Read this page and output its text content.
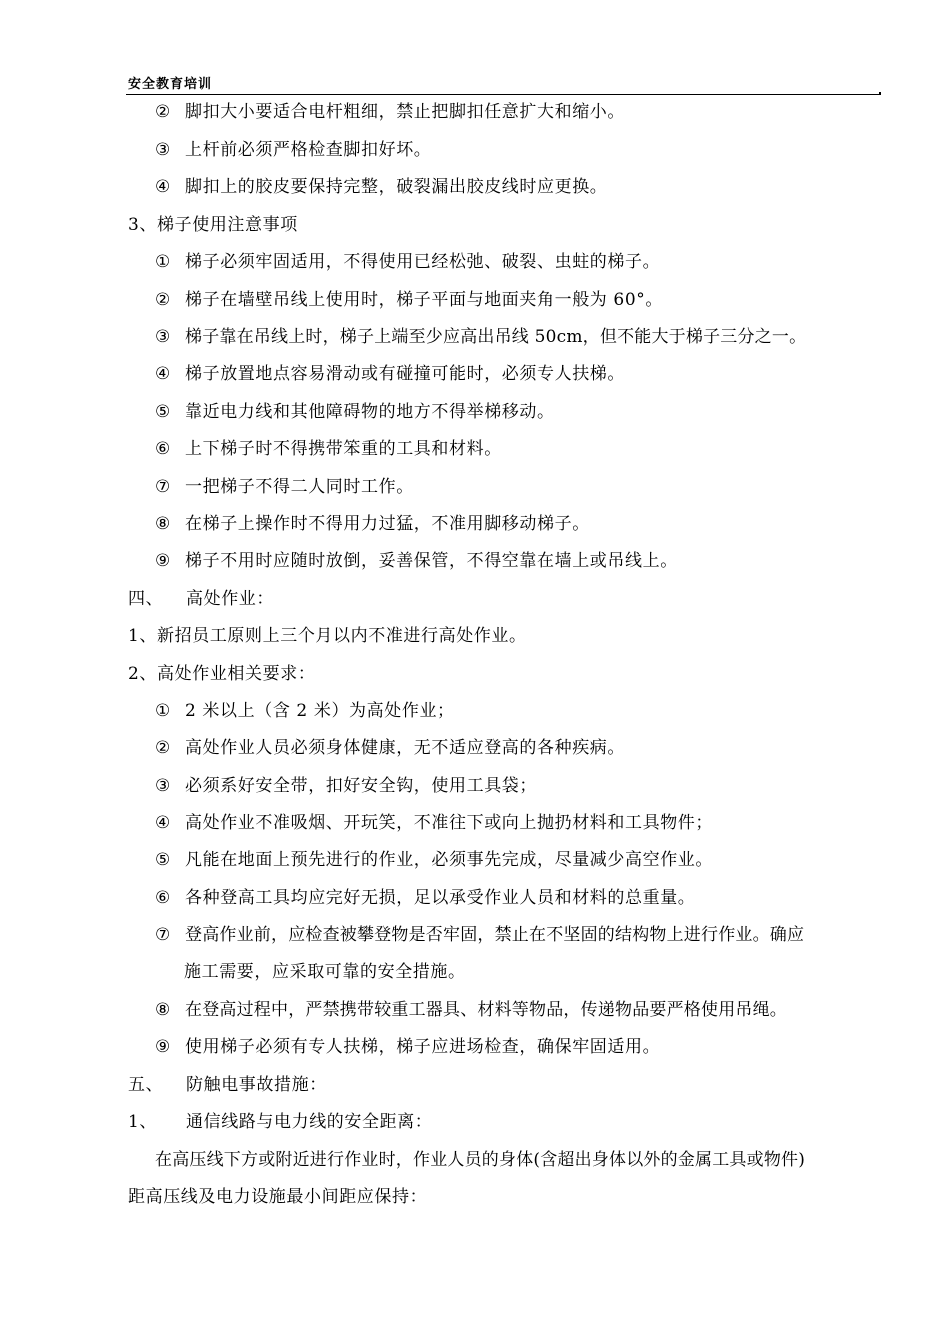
安全教育培训
② 脚扣大小要适合电杆粗细，禁止把脚扣任意扩大和缩小。
③ 上杆前必须严格检查脚扣好坏。
④ 脚扣上的胶皮要保持完整，破裂漏出胶皮线时应更换。
3、梯子使用注意事项
① 梯子必须牢固适用，不得使用已经松弛、破裂、虫蛀的梯子。
② 梯子在墙壁吊线上使用时，梯子平面与地面夹角一般为 60°。
③ 梯子靠在吊线上时，梯子上端至少应高出吊线 50cm，但不能大于梯子三分之一。
④ 梯子放置地点容易滑动或有碰撞可能时，必须专人扶梯。
⑤ 靠近电力线和其他障碍物的地方不得举梯移动。
⑥ 上下梯子时不得携带笨重的工具和材料。
⑦ 一把梯子不得二人同时工作。
⑧ 在梯子上操作时不得用力过猛，不准用脚移动梯子。
⑨ 梯子不用时应随时放倒，妥善保管，不得空靠在墙上或吊线上。
四、 高处作业：
1、新招员工原则上三个月以内不准进行高处作业。
2、高处作业相关要求：
① 2 米以上（含 2 米）为高处作业；
② 高处作业人员必须身体健康，无不适应登高的各种疾病。
③ 必须系好安全带，扣好安全钩，使用工具袋；
④ 高处作业不准吸烟、开玩笑，不准往下或向上抛扔材料和工具物件；
⑤ 凡能在地面上预先进行的作业，必须事先完成，尽量减少高空作业。
⑥ 各种登高工具均应完好无损，足以承受作业人员和材料的总重量。
⑦ 登高作业前，应检查被攀登物是否牢固，禁止在不坚固的结构物上进行作业。确应
施工需要，应采取可靠的安全措施。
⑧ 在登高过程中，严禁携带较重工器具、材料等物品，传递物品要严格使用吊绳。
⑨ 使用梯子必须有专人扶梯，梯子应进场检查，确保牢固适用。
五、 防触电事故措施：
1、 通信线路与电力线的安全距离：
在高压线下方或附近进行作业时，作业人员的身体(含超出身体以外的金属工具或物件)
距高压线及电力设施最小间距应保持：
